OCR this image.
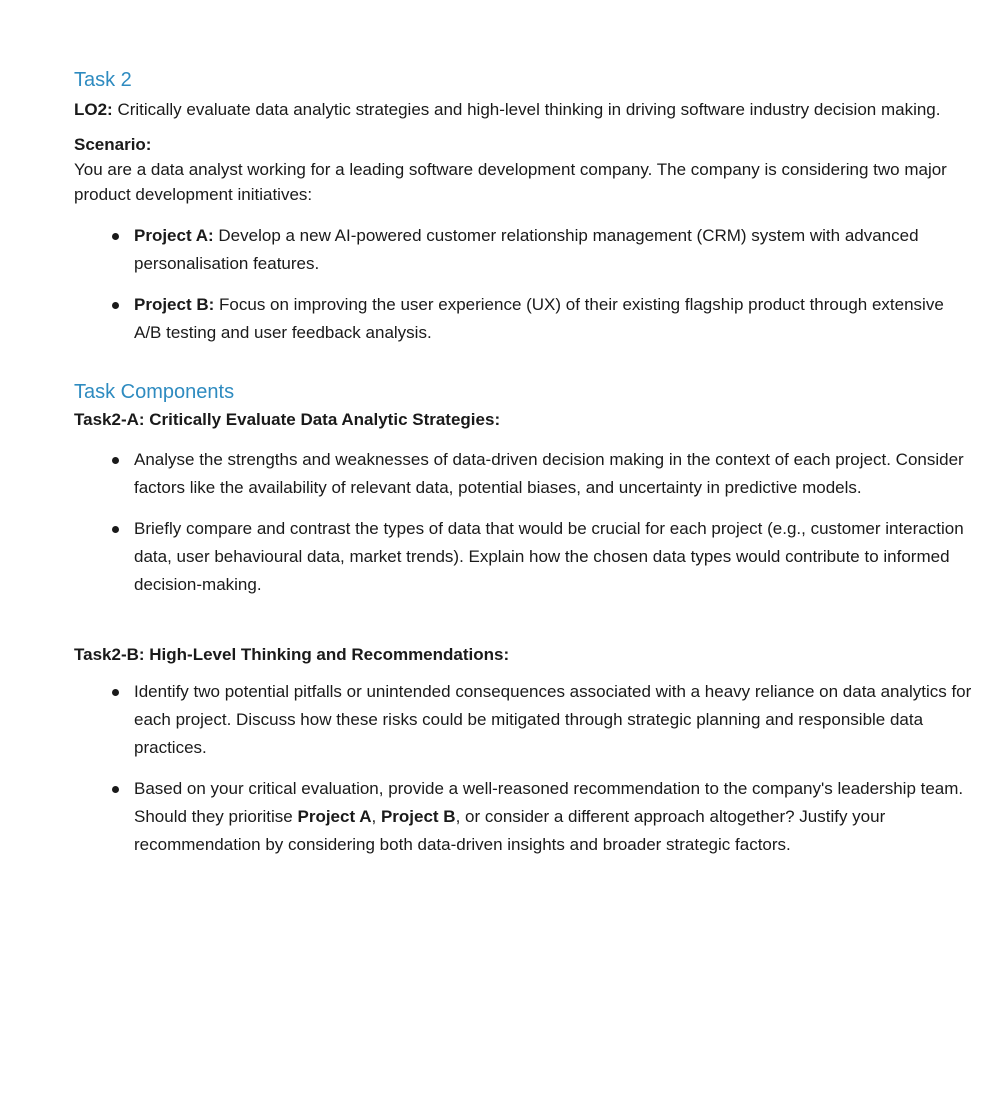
Task 2

LO2: Critically evaluate data analytic strategies and high-level thinking in driving software industry decision making.

Scenario:

You are a data analyst working for a leading software development company. The company is considering two major product development initiatives:

Project A: Develop a new AI-powered customer relationship management (CRM) system with advanced personalisation features.
Project B: Focus on improving the user experience (UX) of their existing flagship product through extensive A/B testing and user feedback analysis.
Task Components

Task2-A: Critically Evaluate Data Analytic Strategies:

Analyse the strengths and weaknesses of data-driven decision making in the context of each project. Consider factors like the availability of relevant data, potential biases, and uncertainty in predictive models.
Briefly compare and contrast the types of data that would be crucial for each project (e.g., customer interaction data, user behavioural data, market trends). Explain how the chosen data types would contribute to informed decision-making.

Task2-B: High-Level Thinking and Recommendations:

Identify two potential pitfalls or unintended consequences associated with a heavy reliance on data analytics for each project. Discuss how these risks could be mitigated through strategic planning and responsible data practices.
Based on your critical evaluation, provide a well-reasoned recommendation to the company's leadership team. Should they prioritise Project A, Project B, or consider a different approach altogether? Justify your recommendation by considering both data-driven insights and broader strategic factors.
